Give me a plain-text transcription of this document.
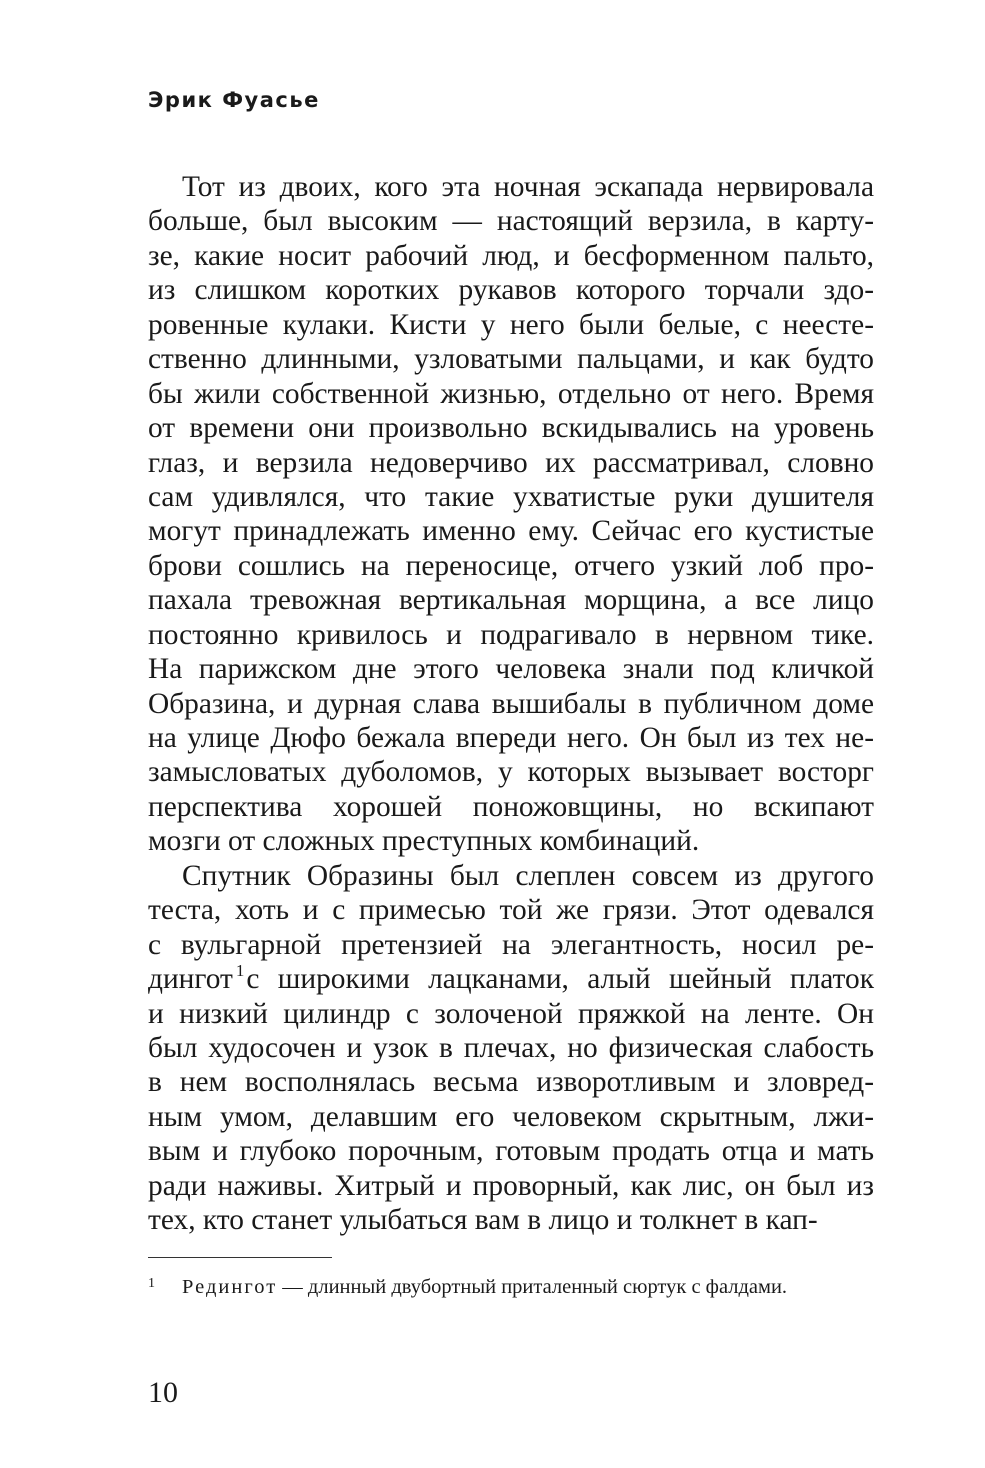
Эрик Фуасье
Тот из двоих, кого эта ночная эскапада нервировала
больше, был высоким — настоящий верзила, в карту-
зе, какие носит рабочий люд, и бесформенном пальто,
из слишком коротких рукавов которого торчали здо-
ровенные кулаки. Кисти у него были белые, с неесте-
ственно длинными, узловатыми пальцами, и как будто
бы жили собственной жизнью, отдельно от него. Время
от времени они произвольно вскидывались на уровень
глаз, и верзила недоверчиво их рассматривал, словно
сам удивлялся, что такие ухватистые руки душителя
могут принадлежать именно ему. Сейчас его кустистые
брови сошлись на переносице, отчего узкий лоб про-
пахала тревожная вертикальная морщина, а все лицо
постоянно кривилось и подрагивало в нервном тике.
На парижском дне этого человека знали под кличкой
Образина, и дурная слава вышибалы в публичном доме
на улице Дюфо бежала впереди него. Он был из тех не-
замысловатых дуболомов, у которых вызывает восторг
перспектива хорошей поножовщины, но вскипают
мозги от сложных преступных комбинаций.
Спутник Образины был слеплен совсем из другого
теста, хоть и с примесью той же грязи. Этот одевался
с вульгарной претензией на элегантность, носил ре-
дингот $^1$с широкими лацканами, алый шейный платок
и низкий цилиндр с золоченой пряжкой на ленте. Он
был худосочен и узок в плечах, но физическая слабость
в нем восполнялась весьма изворотливым и зловред-
ным умом, делавшим его человеком скрытным, лжи-
вым и глубоко порочным, готовым продать отца и мать
ради наживы. Хитрый и проворный, как лис, он был из
тех, кто станет улыбаться вам в лицо и толкнет в кап-
1 Редингот — длинный двубортный приталенный сюртук с фалдами.
10
